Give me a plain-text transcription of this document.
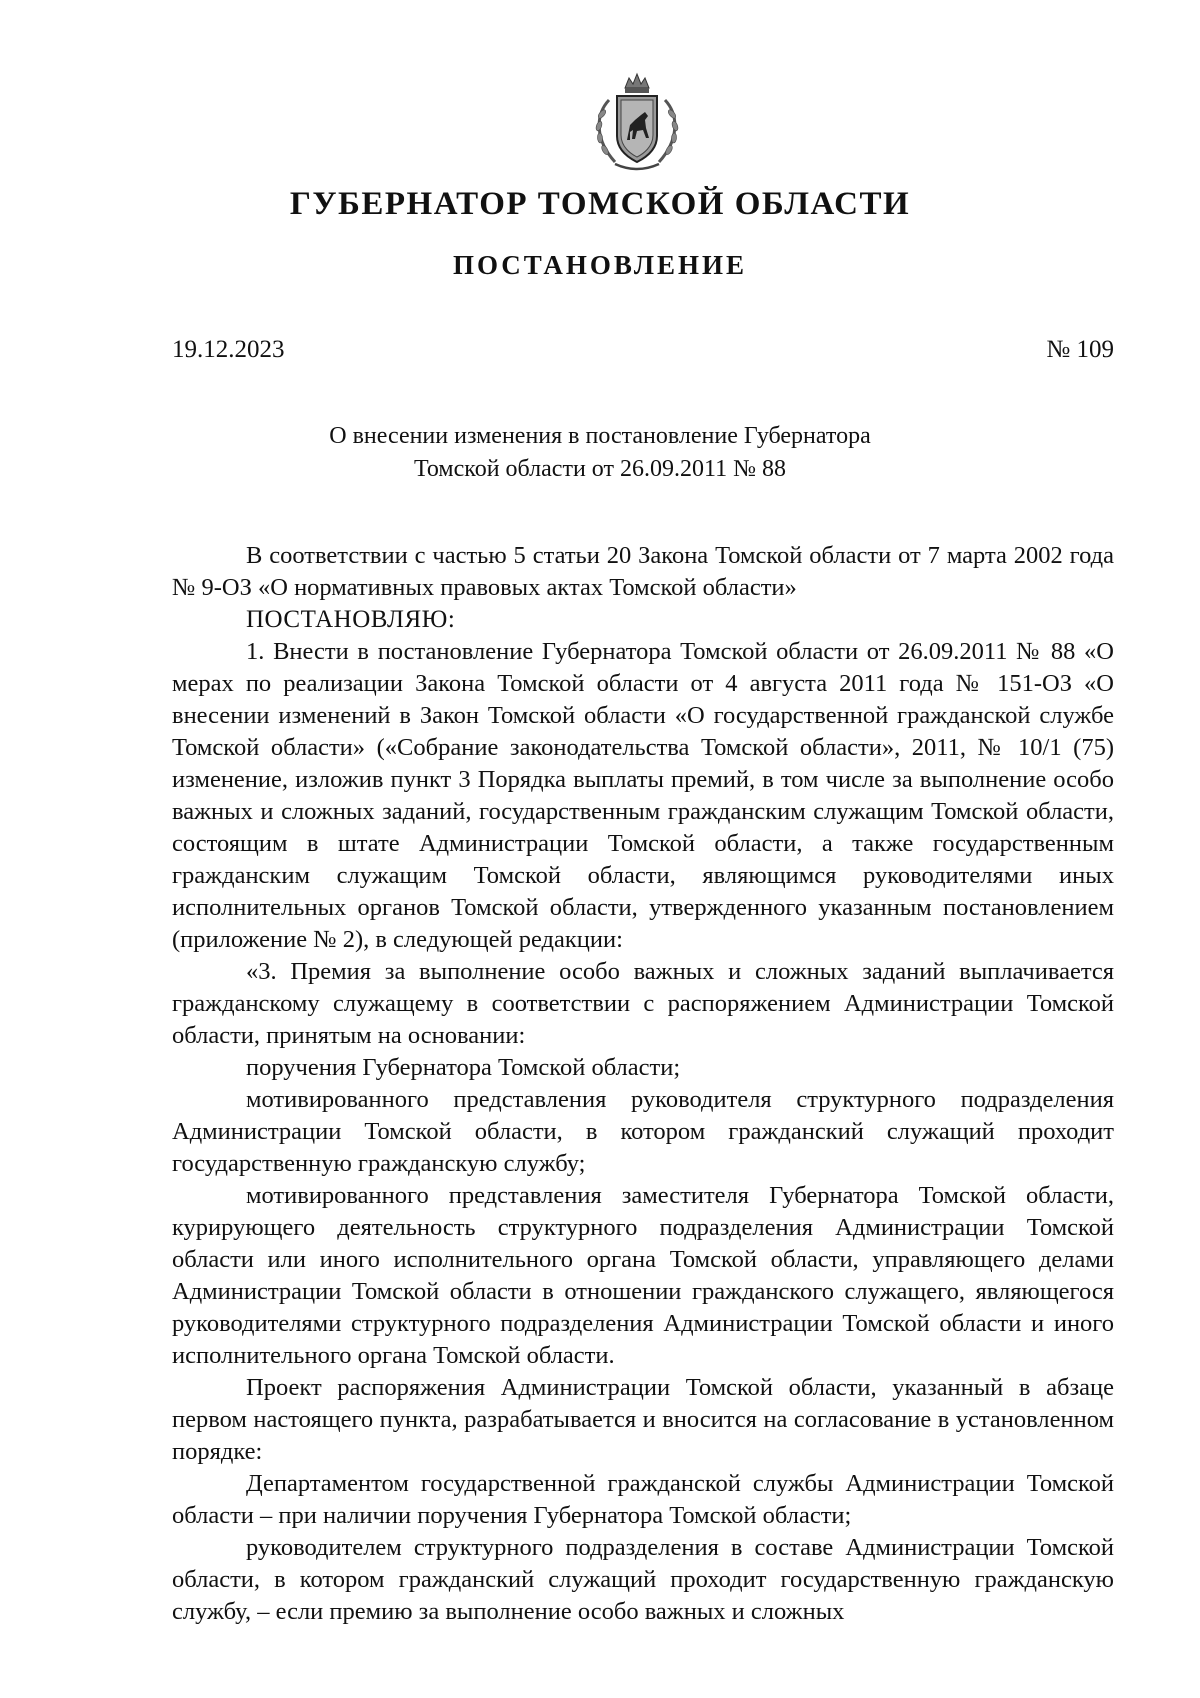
ГУБЕРНАТОР ТОМСКОЙ ОБЛАСТИ
ПОСТАНОВЛЕНИЕ
19.12.2023	№ 109
О внесении изменения в постановление Губернатора
Томской области от 26.09.2011 № 88

В соответствии с частью 5 статьи 20 Закона Томской области от 7 марта 2002 года № 9-ОЗ «О нормативных правовых актах Томской области»

ПОСТАНОВЛЯЮ:

1. Внести в постановление Губернатора Томской области от 26.09.2011 № 88 «О мерах по реализации Закона Томской области от 4 августа 2011 года № 151-ОЗ «О внесении изменений в Закон Томской области «О государственной гражданской службе Томской области» («Собрание законодательства Томской области», 2011, № 10/1 (75) изменение, изложив пункт 3 Порядка выплаты премий, в том числе за выполнение особо важных и сложных заданий, государственным гражданским служащим Томской области, состоящим в штате Администрации Томской области, а также государственным гражданским служащим Томской области, являющимся руководителями иных исполнительных органов Томской области, утвержденного указанным постановлением (приложение № 2), в следующей редакции:

«3. Премия за выполнение особо важных и сложных заданий выплачивается гражданскому служащему в соответствии с распоряжением Администрации Томской области, принятым на основании:

поручения Губернатора Томской области;

мотивированного представления руководителя структурного подразделения Администрации Томской области, в котором гражданский служащий проходит государственную гражданскую службу;

мотивированного представления заместителя Губернатора Томской области, курирующего деятельность структурного подразделения Администрации Томской области или иного исполнительного органа Томской области, управляющего делами Администрации Томской области в отношении гражданского служащего, являющегося руководителями структурного подразделения Администрации Томской области и иного исполнительного органа Томской области.

Проект распоряжения Администрации Томской области, указанный в абзаце первом настоящего пункта, разрабатывается и вносится на согласование в установленном порядке:

Департаментом государственной гражданской службы Администрации Томской области – при наличии поручения Губернатора Томской области;

руководителем структурного подразделения в составе Администрации Томской области, в котором гражданский служащий проходит государственную гражданскую службу, – если премию за выполнение особо важных и сложных
